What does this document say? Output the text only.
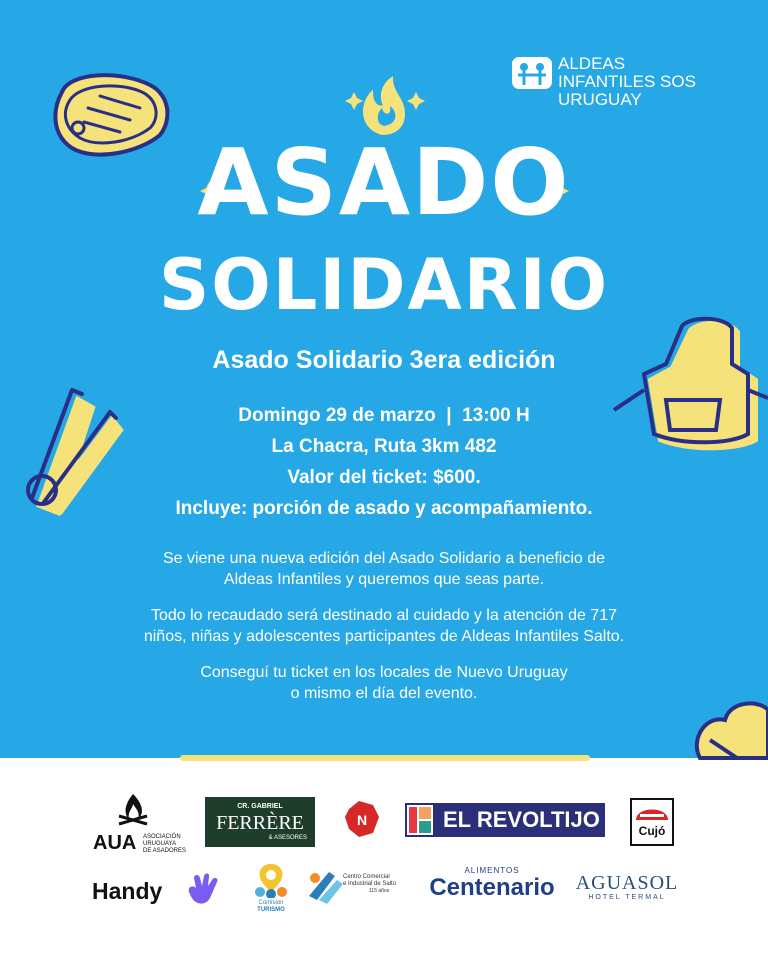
ALDEAS
INFANTILES SOS
URUGUAY
ASADO
SOLIDARIO
Asado Solidario 3era edición
Domingo 29 de marzo  |  13:00 H
La Chacra, Ruta 3km 482
Valor del ticket: $600.
Incluye: porción de asado y acompañamiento.

Se viene una nueva edición del Asado Solidario a beneficio de
Aldeas Infantiles y queremos que seas parte.

Todo lo recaudado será destinado al cuidado y la atención de 717
niños, niñas y adolescentes participantes de Aldeas Infantiles Salto.

Conseguí tu ticket en los locales de Nuevo Uruguay
o mismo el día del evento.

AUA ASOCIACIÓN
URUGUAYA
DE ASADORES
CR. GABRIEL
FERRÈRE
& ASESORES
N	EL REVOLTIJO	Cujó
Handy	Comisión
TURISMO
Centro Comercial
e Industrial de Salto
115 años
ALIMENTOS
Centenario	AGUASOL
HOTEL TERMAL
